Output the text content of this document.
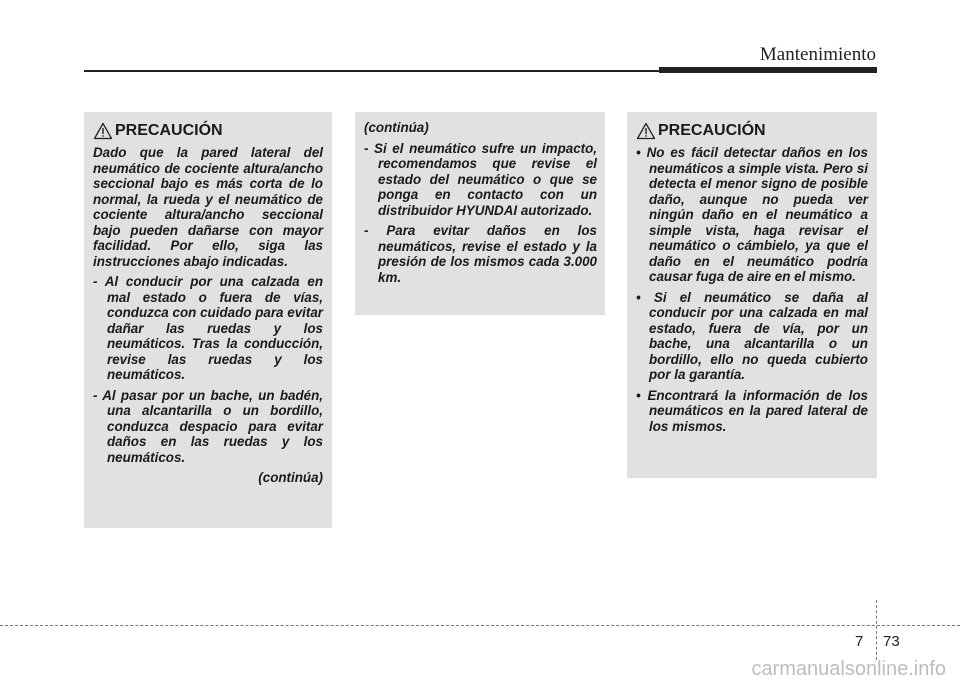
Mantenimiento
PRECAUCIÓN

Dado que la pared lateral del neumático de cociente altura/ancho seccional bajo es más corta de lo normal, la rueda y el neumático de cociente altura/ancho seccional bajo pueden dañarse con mayor facilidad. Por ello, siga las instrucciones abajo indicadas.

- Al conducir por una calzada en mal estado o fuera de vías, conduzca con cuidado para evitar dañar las ruedas y los neumáticos. Tras la conducción, revise las ruedas y los neumáticos.

- Al pasar por un bache, un badén, una alcantarilla o un bordillo, conduzca despacio para evitar daños en las ruedas y los neumáticos.

(continúa)
(continúa)

- Si el neumático sufre un impacto, recomendamos que revise el estado del neumático o que se ponga en contacto con un distribuidor HYUNDAI autorizado.

- Para evitar daños en los neumáticos, revise el estado y la presión de los mismos cada 3.000 km.

PRECAUCIÓN

• No es fácil detectar daños en los neumáticos a simple vista. Pero si detecta el menor signo de posible daño, aunque no pueda ver ningún daño en el neumático a simple vista, haga revisar el neumático o cámbielo, ya que el daño en el neumático podría causar fuga de aire en el mismo.

• Si el neumático se daña al conducir por una calzada en mal estado, fuera de vía, por un bache, una alcantarilla o un bordillo, ello no queda cubierto por la garantía.

• Encontrará la información de los neumáticos en la pared lateral de los mismos.

7 73
carmanualsonline.info
